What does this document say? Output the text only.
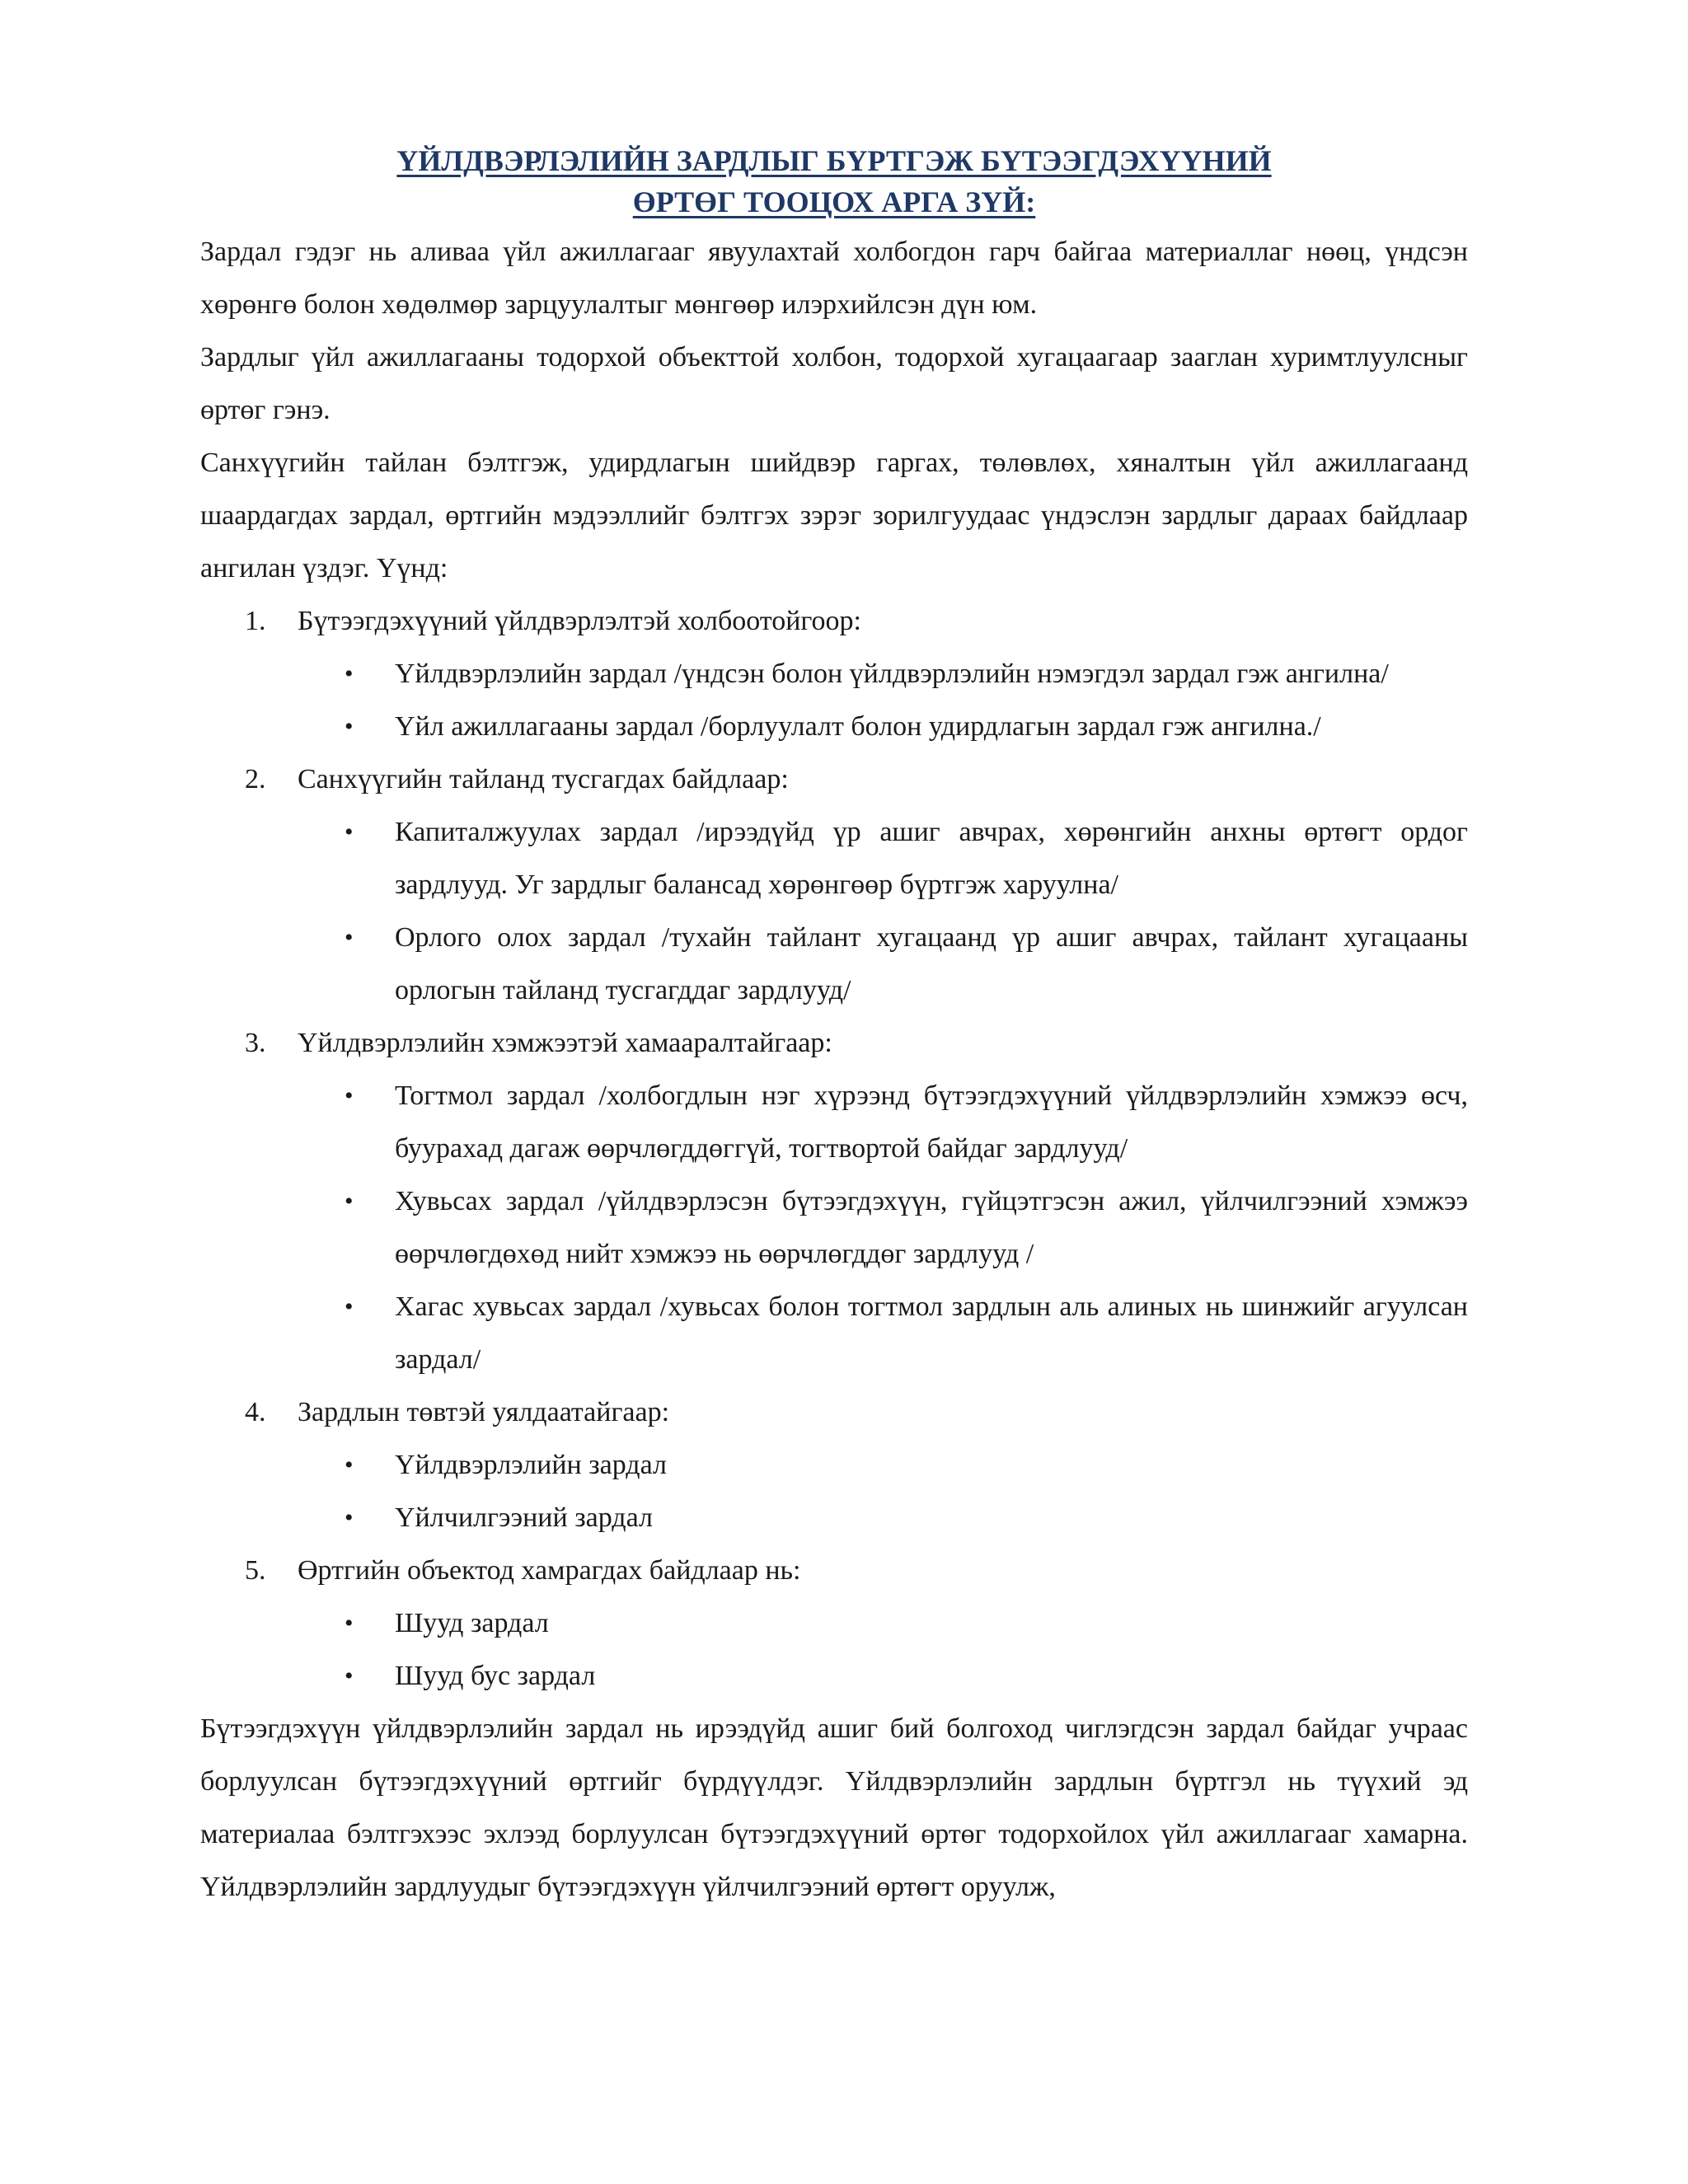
ҮЙЛДВЭРЛЭЛИЙН ЗАРДЛЫГ БҮРТГЭЖ БҮТЭЭГДЭХҮҮНИЙ
ӨРТӨГ ТООЦОХ АРГА ЗҮЙ:

Зардал гэдэг нь аливаа үйл ажиллагааг явуулахтай холбогдон гарч байгаа материаллаг нөөц, үндсэн хөрөнгө болон хөдөлмөр зарцуулалтыг мөнгөөр илэрхийлсэн дүн юм.

Зардлыг үйл ажиллагааны тодорхой объекттой холбон, тодорхой хугацаагаар зааглан хуримтлуулсныг өртөг гэнэ.

Санхүүгийн тайлан бэлтгэж, удирдлагын шийдвэр гаргах, төлөвлөх, хяналтын үйл ажиллагаанд шаардагдах зардал, өртгийн мэдээллийг бэлтгэх зэрэг зорилгуудаас үндэслэн зардлыг дараах байдлаар ангилан үздэг. Үүнд:

1. Бүтээгдэхүүний үйлдвэрлэлтэй холбоотойгоор:
• Үйлдвэрлэлийн зардал /үндсэн болон үйлдвэрлэлийн нэмэгдэл зардал гэж ангилна/
• Үйл ажиллагааны зардал /борлуулалт болон удирдлагын зардал гэж ангилна./
2. Санхүүгийн тайланд тусгагдах байдлаар:
• Капиталжуулах зардал /ирээдүйд үр ашиг авчрах, хөрөнгийн анхны өртөгт ордог зардлууд. Уг зардлыг балансад хөрөнгөөр бүртгэж харуулна/
• Орлого олох зардал /тухайн тайлант хугацаанд үр ашиг авчрах, тайлант хугацааны орлогын тайланд тусгагддаг зардлууд/
3. Үйлдвэрлэлийн хэмжээтэй хамааралтайгаар:
• Тогтмол зардал /холбогдлын нэг хүрээнд бүтээгдэхүүний үйлдвэрлэлийн хэмжээ өсч, буурахад дагаж өөрчлөгддөггүй, тогтвортой байдаг зардлууд/
• Хувьсах зардал /үйлдвэрлэсэн бүтээгдэхүүн, гүйцэтгэсэн ажил, үйлчилгээний хэмжээ өөрчлөгдөхөд нийт хэмжээ нь өөрчлөгддөг зардлууд /
• Хагас хувьсах зардал /хувьсах болон тогтмол зардлын аль алиных нь шинжийг агуулсан зардал/
4. Зардлын төвтэй уялдаатайгаар:
• Үйлдвэрлэлийн зардал
• Үйлчилгээний зардал
5. Өртгийн объектод хамрагдах байдлаар нь:
• Шууд зардал
• Шууд бус зардал

Бүтээгдэхүүн үйлдвэрлэлийн зардал нь ирээдүйд ашиг бий болгоход чиглэгдсэн зардал байдаг учраас борлуулсан бүтээгдэхүүний өртгийг бүрдүүлдэг. Үйлдвэрлэлийн зардлын бүртгэл нь түүхий эд материалаа бэлтгэхээс эхлээд борлуулсан бүтээгдэхүүний өртөг тодорхойлох үйл ажиллагааг хамарна. Үйлдвэрлэлийн зардлуудыг бүтээгдэхүүн үйлчилгээний өртөгт оруулж,
